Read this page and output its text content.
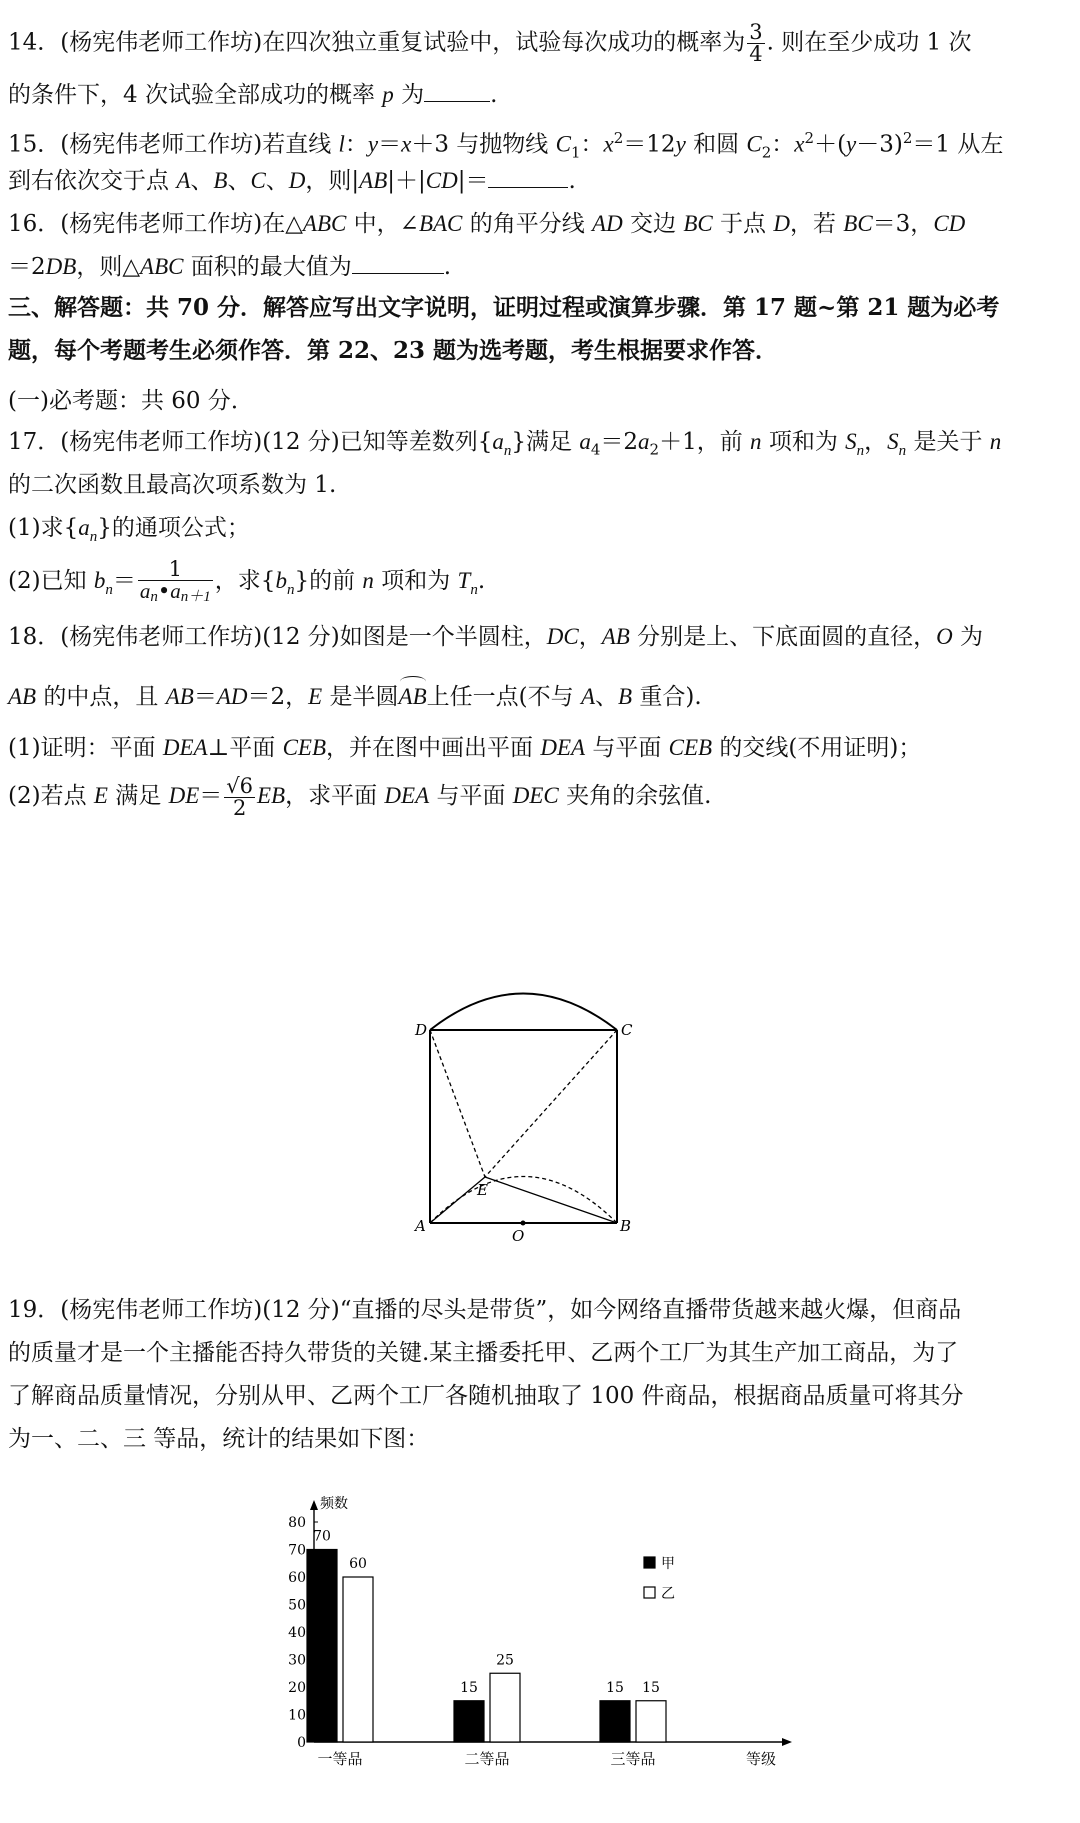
14．(杨宪伟老师工作坊)在四次独立重复试验中，试验每次成功的概率为 $\frac{3}{4}$ . 则在至少成功 1 次
的条件下，4 次试验全部成功的概率 p 为	.
15．(杨宪伟老师工作坊)若直线 l：y＝x＋3 与抛物线 $C_1$：$x^2=12y$ 和圆 $C_2$：$x^2+(y-3)^2=1$ 从左
到右依次交于点 A、B、C、D，则|AB|＋|CD|＝	.
16．(杨宪伟老师工作坊)在△ABC 中，∠BAC 的角平分线 AD 交边 BC 于点 D，若 BC＝3，CD
＝2DB，则△ABC 面积的最大值为	.
三、解答题：共 70 分．解答应写出文字说明，证明过程或演算步骤．第 17 题~第 21 题为必考
题，每个考题考生必须作答．第 22、23 题为选考题，考生根据要求作答．
(一)必考题：共 60 分．
17．(杨宪伟老师工作坊)(12 分)已知等差数列$\{a_n\}$满足 $a_4=2a_2+1$，前 n 项和为 $S_n$，$S_n$ 是关于 n
的二次函数且最高次项系数为 1.
(1)求$\{a_n\}$的通项公式；
(2)已知 $b_n= \frac{1}{a_n•a_{n+1}}$ ，求$\{b_n\}$的前 n 项和为 $T_n$.
18．(杨宪伟老师工作坊)(12 分)如图是一个半圆柱，DC，AB 分别是上、下底面圆的直径，O 为
AB 的中点，且 AB＝AD＝2，E 是半圆AB上任一点(不与 A、B 重合).
(1)证明：平面 DEA⊥平面 CEB，并在图中画出平面 DEA 与平面 CEB 的交线(不用证明)；
(2)若点 E 满足 $DE= \frac{√6}{2}$ EB，求平面 DEA 与平面 DEC 夹角的余弦值.
D	C
E
A
O
B
19．(杨宪伟老师工作坊)(12 分)“直播的尽头是带货”，如今网络直播带货越来越火爆，但商品
的质量才是一个主播能否持久带货的关键.某主播委托甲、乙两个工厂为其生产加工商品，为了
了解商品质量情况，分别从甲、乙两个工厂各随机抽取了 100 件商品，根据商品质量可将其分
为一、二、三 等品，统计的结果如下图：
频数
等级
0
10
20
30
40
50
60
70
80
70
60
15
25
15 15
一等品	二等品	三等品
甲
乙
